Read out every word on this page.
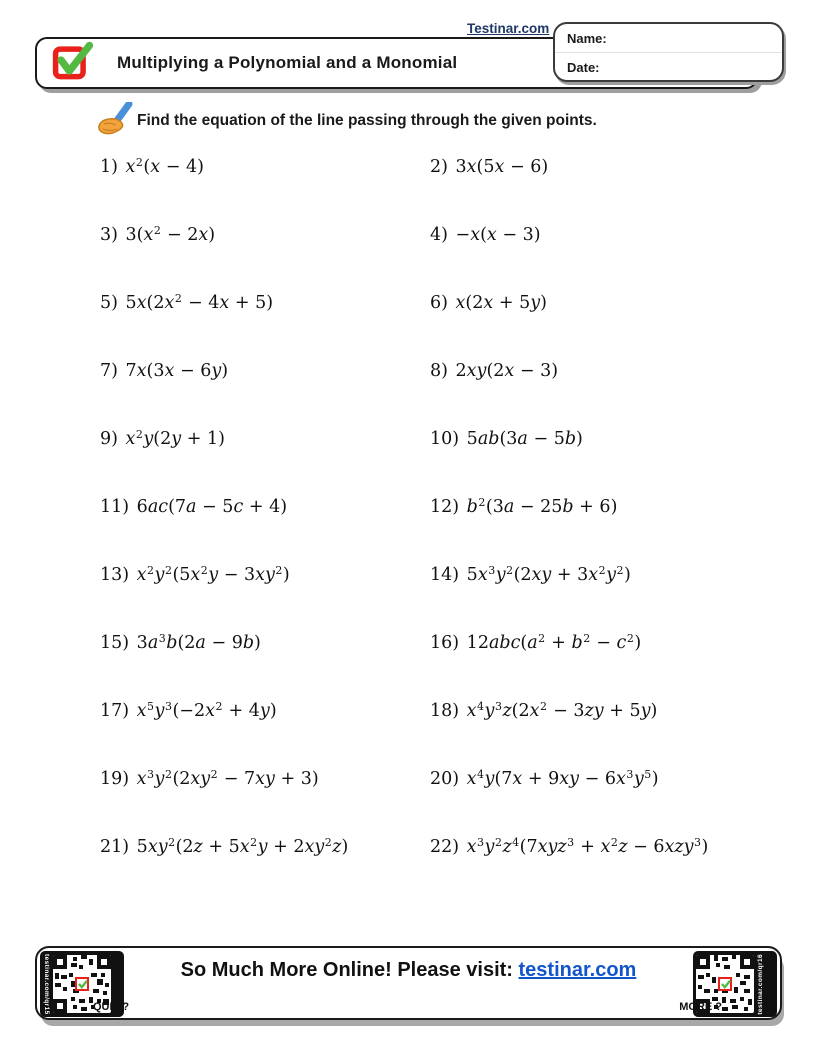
Testinar.com
Multiplying a Polynomial and a Monomial
Name:
Date:
Find the equation of the line passing through the given points.
1) $x^2(x - 4)$	2) 3x(5x − 6)
3) $3(x^2 - 2x)$	4) −x(x − 3)
5) $5x(2x^2 - 4x + 5)$	6) x(2x + 5y)
7) 7x(3x − 6y)	8) 2xy(2x − 3)
9) $x^2y(2y + 1)$	10) 5ab(3a − 5b)
11) 6ac(7a − 5c + 4)	12) $b^2(3a - 25b + 6)$
13) $x^2y^2(5x^2y - 3xy^2)$	14) $5x^3y^2(2xy + 3x^2y^2)$
15) $3a^3b(2a - 9b)$	16) $12abc(a^2 + b^2 - c^2)$
17) $x^5y^3(-2x^2 + 4y)$	18) $x^4y^3z(2x^2 - 3zy + 5y)$
19) $x^3y^2(2xy^2 - 7xy + 3)$	20) $x^4y(7x + 9xy - 6x^3y^5)$
21) $5xy^2(2z + 5x^2y + 2xy^2z)$	22) $x^3y^2z^4(7xyz^3 + x^2z - 6xzy^3)$
testinar.com/qr15	testinar.com/qr16
So Much More Online! Please visit: testinar.com
QUIZ ?	MORE ?
